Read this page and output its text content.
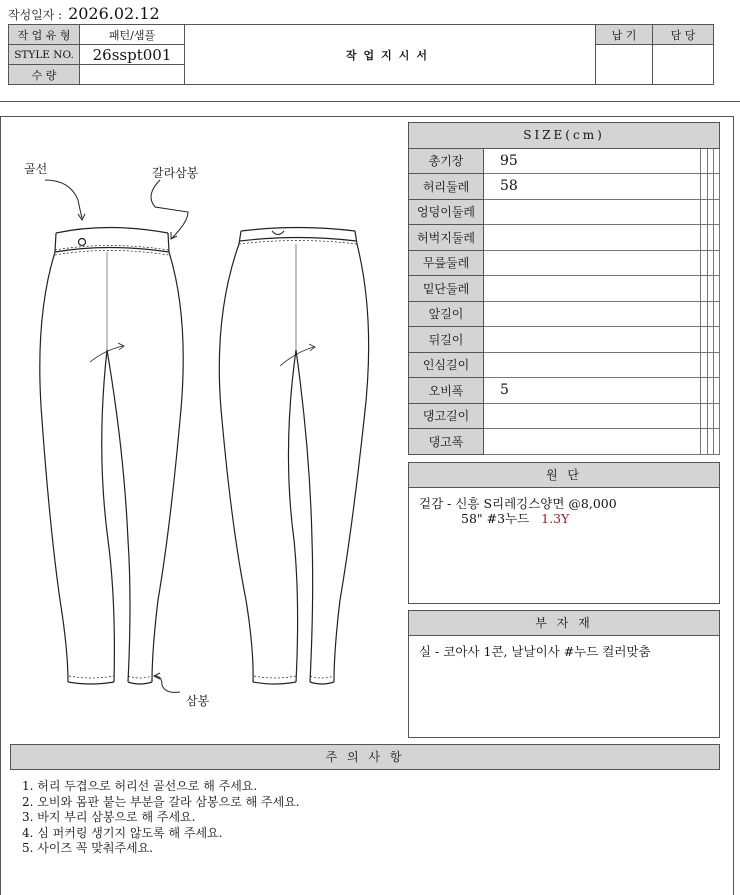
작성일자 : 2026.02.12
작 업 유 형	패턴/샘플	작업지시서	납 기	담 당
STYLE NO.	26sspt001			
수 량				
골선	갈라삼봉
삼봉
SIZE(cm)				
총기장	95			
허리둘레	58			
엉덩이둘레				
허벅지둘레				
무릎둘레				
밑단둘레				
앞길이				
뒤길이				
인심길이				
오비폭	5			
댕고길이				
댕고폭				
원 단
겉감 - 신흥 S리레깅스양면 @8,000
58" #3누드 1.3Y
부 자 재
실 - 코아사 1콘, 날날이사 #누드 컬러맞춤
주 의 사 항
1. 허리 두겹으로 허리선 골선으로 해 주세요.
2. 오비와 몸판 붙는 부분을 갈라 삼봉으로 해 주세요.
3. 바지 부리 삼봉으로 해 주세요.
4. 심 퍼커링 생기지 않도록 해 주세요.
5. 사이즈 꼭 맞춰주세요.
